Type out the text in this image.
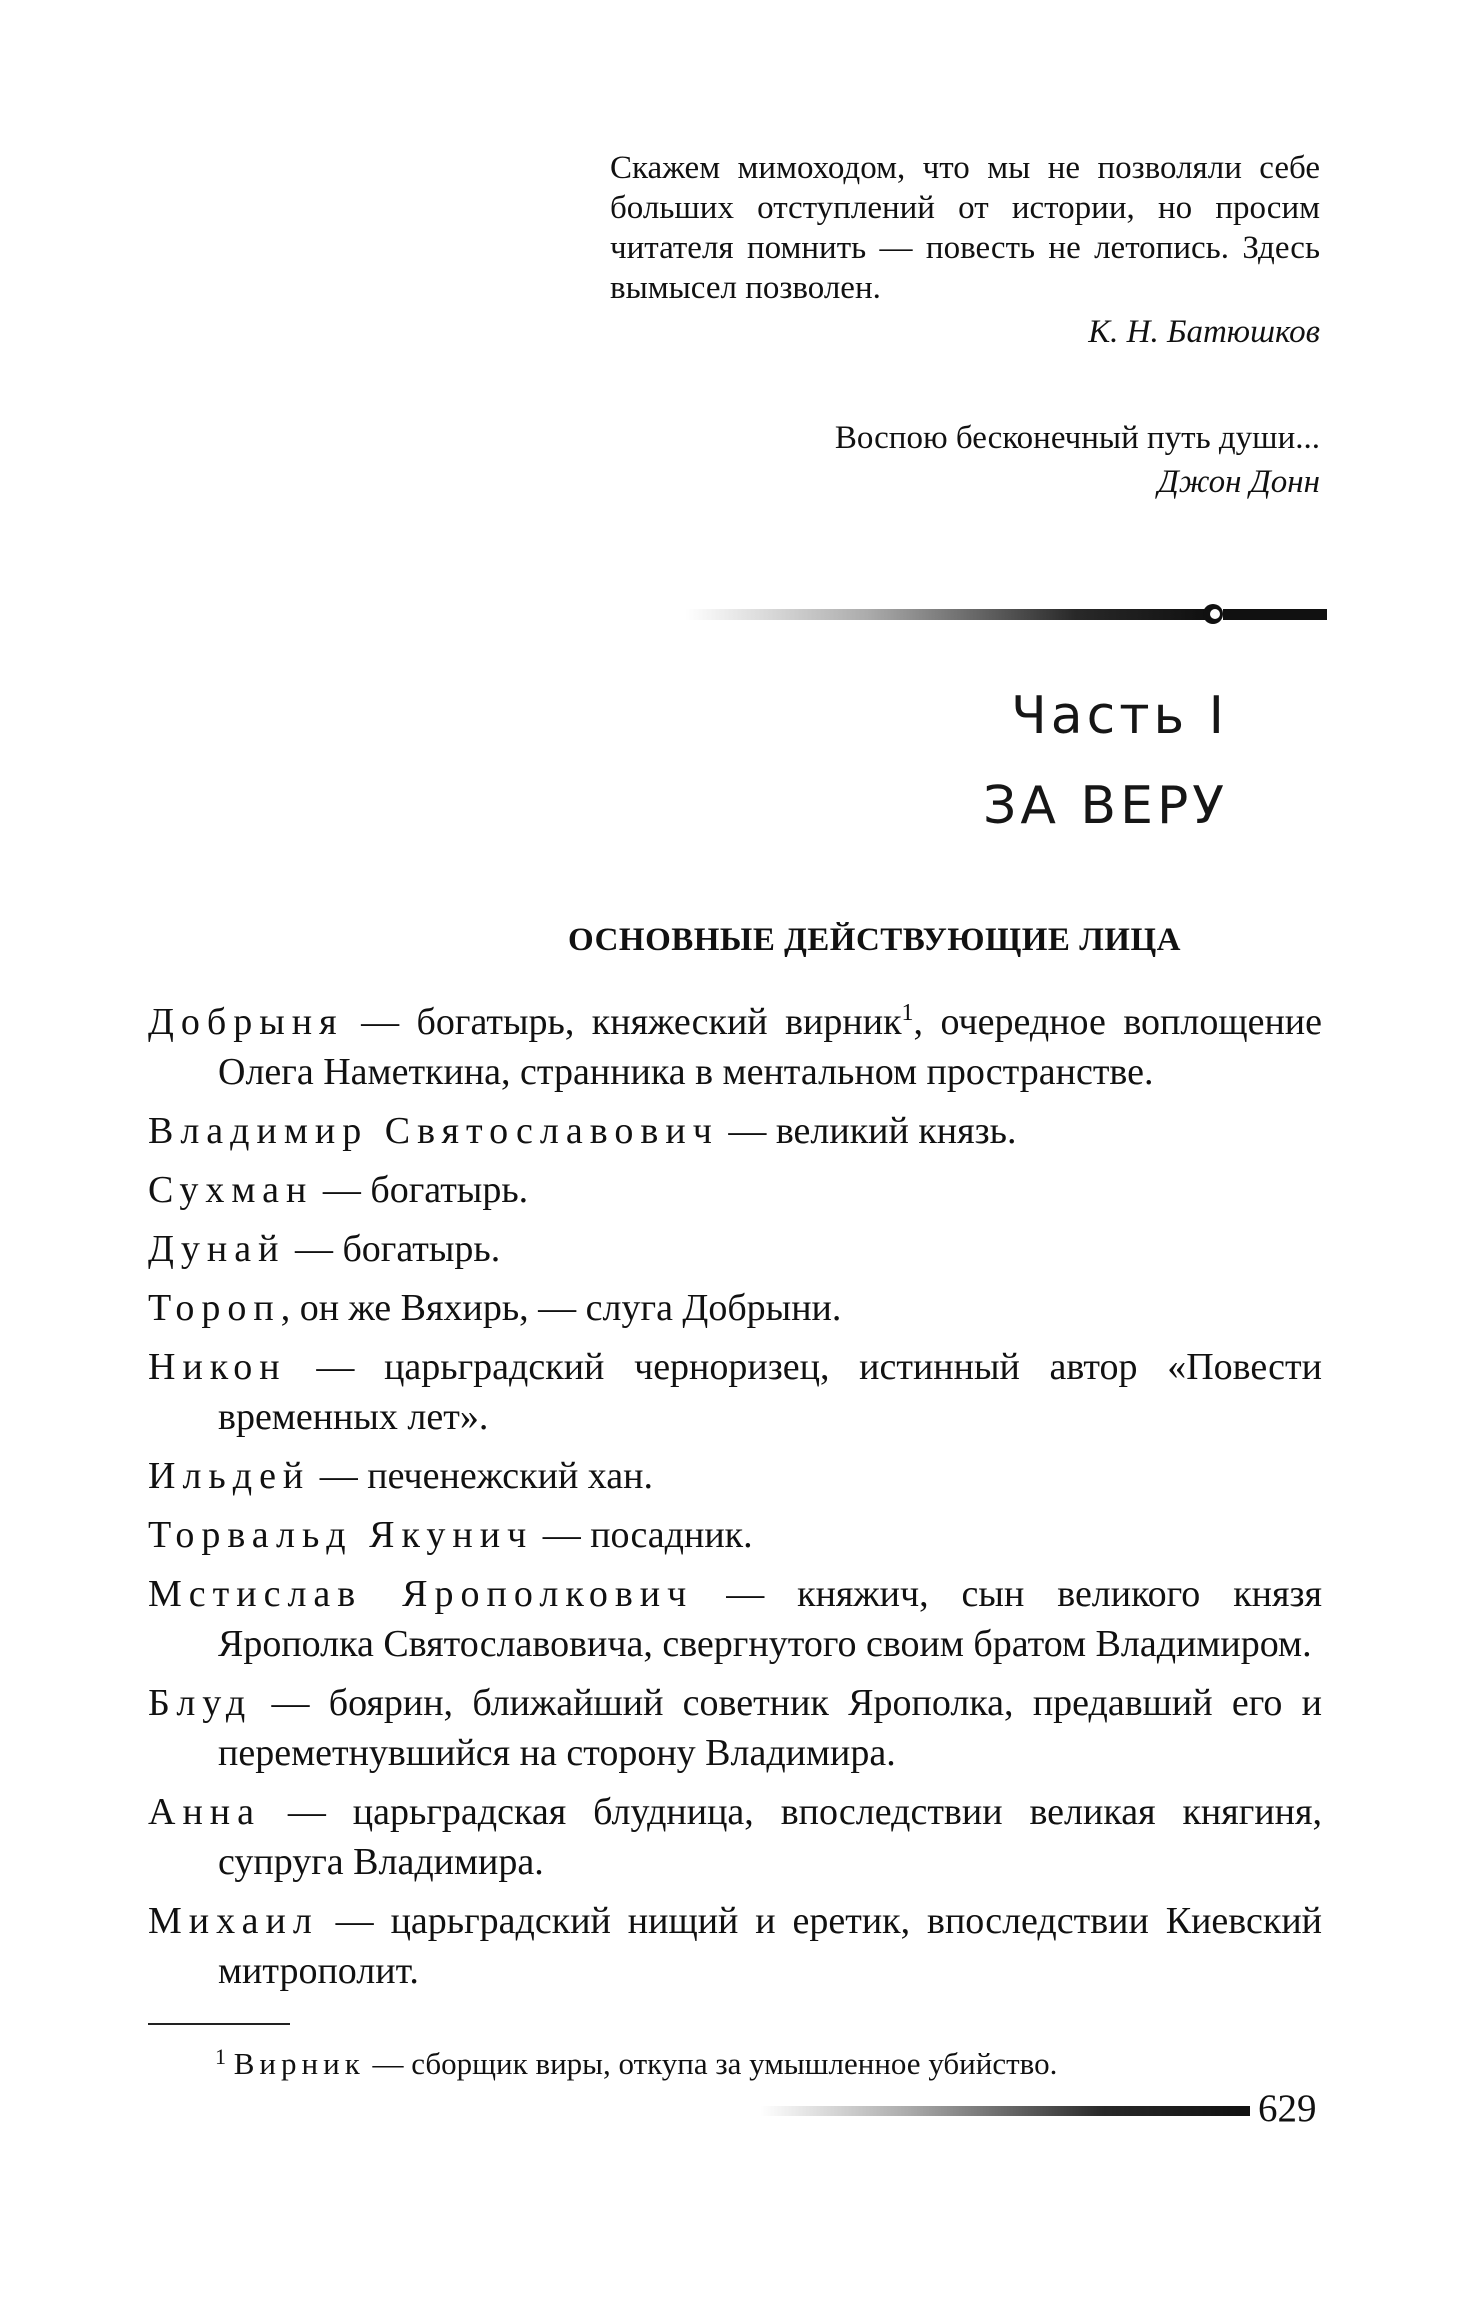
Скажем мимоходом, что мы не позволяли себе больших отступлений от истории, но просим читателя помнить — повесть не летопись. Здесь вымысел позволен.

К. Н. Батюшков

Воспою бесконечный путь души...

Джон Донн

Часть I
ЗА ВЕРУ
ОСНОВНЫЕ ДЕЙСТВУЮЩИЕ ЛИЦА
Добрыня — богатырь, княжеский вирник$^1$, очередное воплощение Олега Наметкина, странника в ментальном пространстве.
Владимир Святославович — великий князь.
Сухман — богатырь.
Дунай — богатырь.
Тороп, он же Вяхирь, — слуга Добрыни.
Никон — царьградский черноризец, истинный автор «Повести временных лет».
Ильдей — печенежский хан.
Торвальд Якунич — посадник.
Мстислав Ярополкович — княжич, сын великого князя Ярополка Святославовича, свергнутого своим братом Владимиром.
Блуд — боярин, ближайший советник Ярополка, предавший его и переметнувшийся на сторону Владимира.
Анна — царьградская блудница, впоследствии великая княгиня, супруга Владимира.
Михаил — царьградский нищий и еретик, впоследствии Киевский митрополит.

$^1$ Вирник — сборщик виры, откупа за умышленное убийство.

629
